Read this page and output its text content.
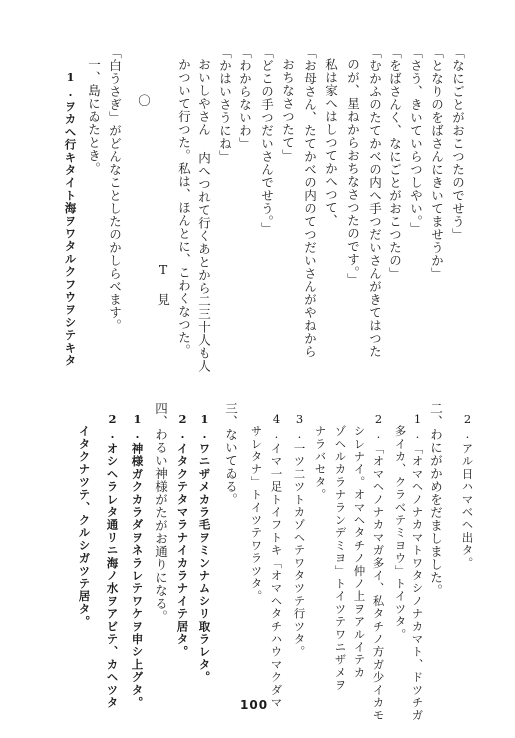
2.アル日ハマベヘ出タ。
二、わにがかめをだましました。
1.「オマヘノナカマトワタシノナカマト、ドツチガ
多イカ、クラベテミヨウ」トイツタ。
2.「オマヘノナカマガ多イ、私タチノ方ガ少イカモ
シレナイ。オマヘタチノ仲ノ上ヲアルイテカ
ゾヘルカラナランデミヨ」トイツテワニザメヲ
ナラバセタ。
3.一ツ二ツトカゾヘテワタツテ行ツタ。
4.イマ一足トイフトキ「オマヘタチハウマクダマ
サレタナ」トイツテワラツタ。
三、ないてゐる。
1.ワニザメカラ毛ヲミンナムシリ取ラレタ。
2.イタクテタマラナイカラナイテ居タ。
四、わるい神様がたがお通りになる。
1.神様ガクカラダヲネラレテワケヲ申シ上グタ。
2.オシヘラレタ通リニ海ノ水ヲアビテ、カヘツタ
イタクナツテ、クルシガツテ居タ。
「なにごとがおこつたのでせう」
「となりのをばさんにきいてませうか」
「さう、きいていらつしやい。」
「をばさんく、なにごとがおこつたの」
「むかふのたてかべの内へ手つだいさんがきてはつた
のが、星ねからおちなさつたのです。」
私は家へはしつてかへつて、
「お母さん、たてかべの内のてつだいさんがやねから
おちなさつたて」
「どこの手つだいさんでせう。」
「わからないわ」
「かはいさうにね」
おいしやさん 内へつれて行くあとから二三十人も人
かついて行つた。私は、ほんとに、こわくなつた。
T 見
〇
「白うさぎ」がどんなことしたのかしらべます。
一、島にゐたとき。
1.ヲカへ行キタイト海ヲワタルクフウヲシテキタ
100
